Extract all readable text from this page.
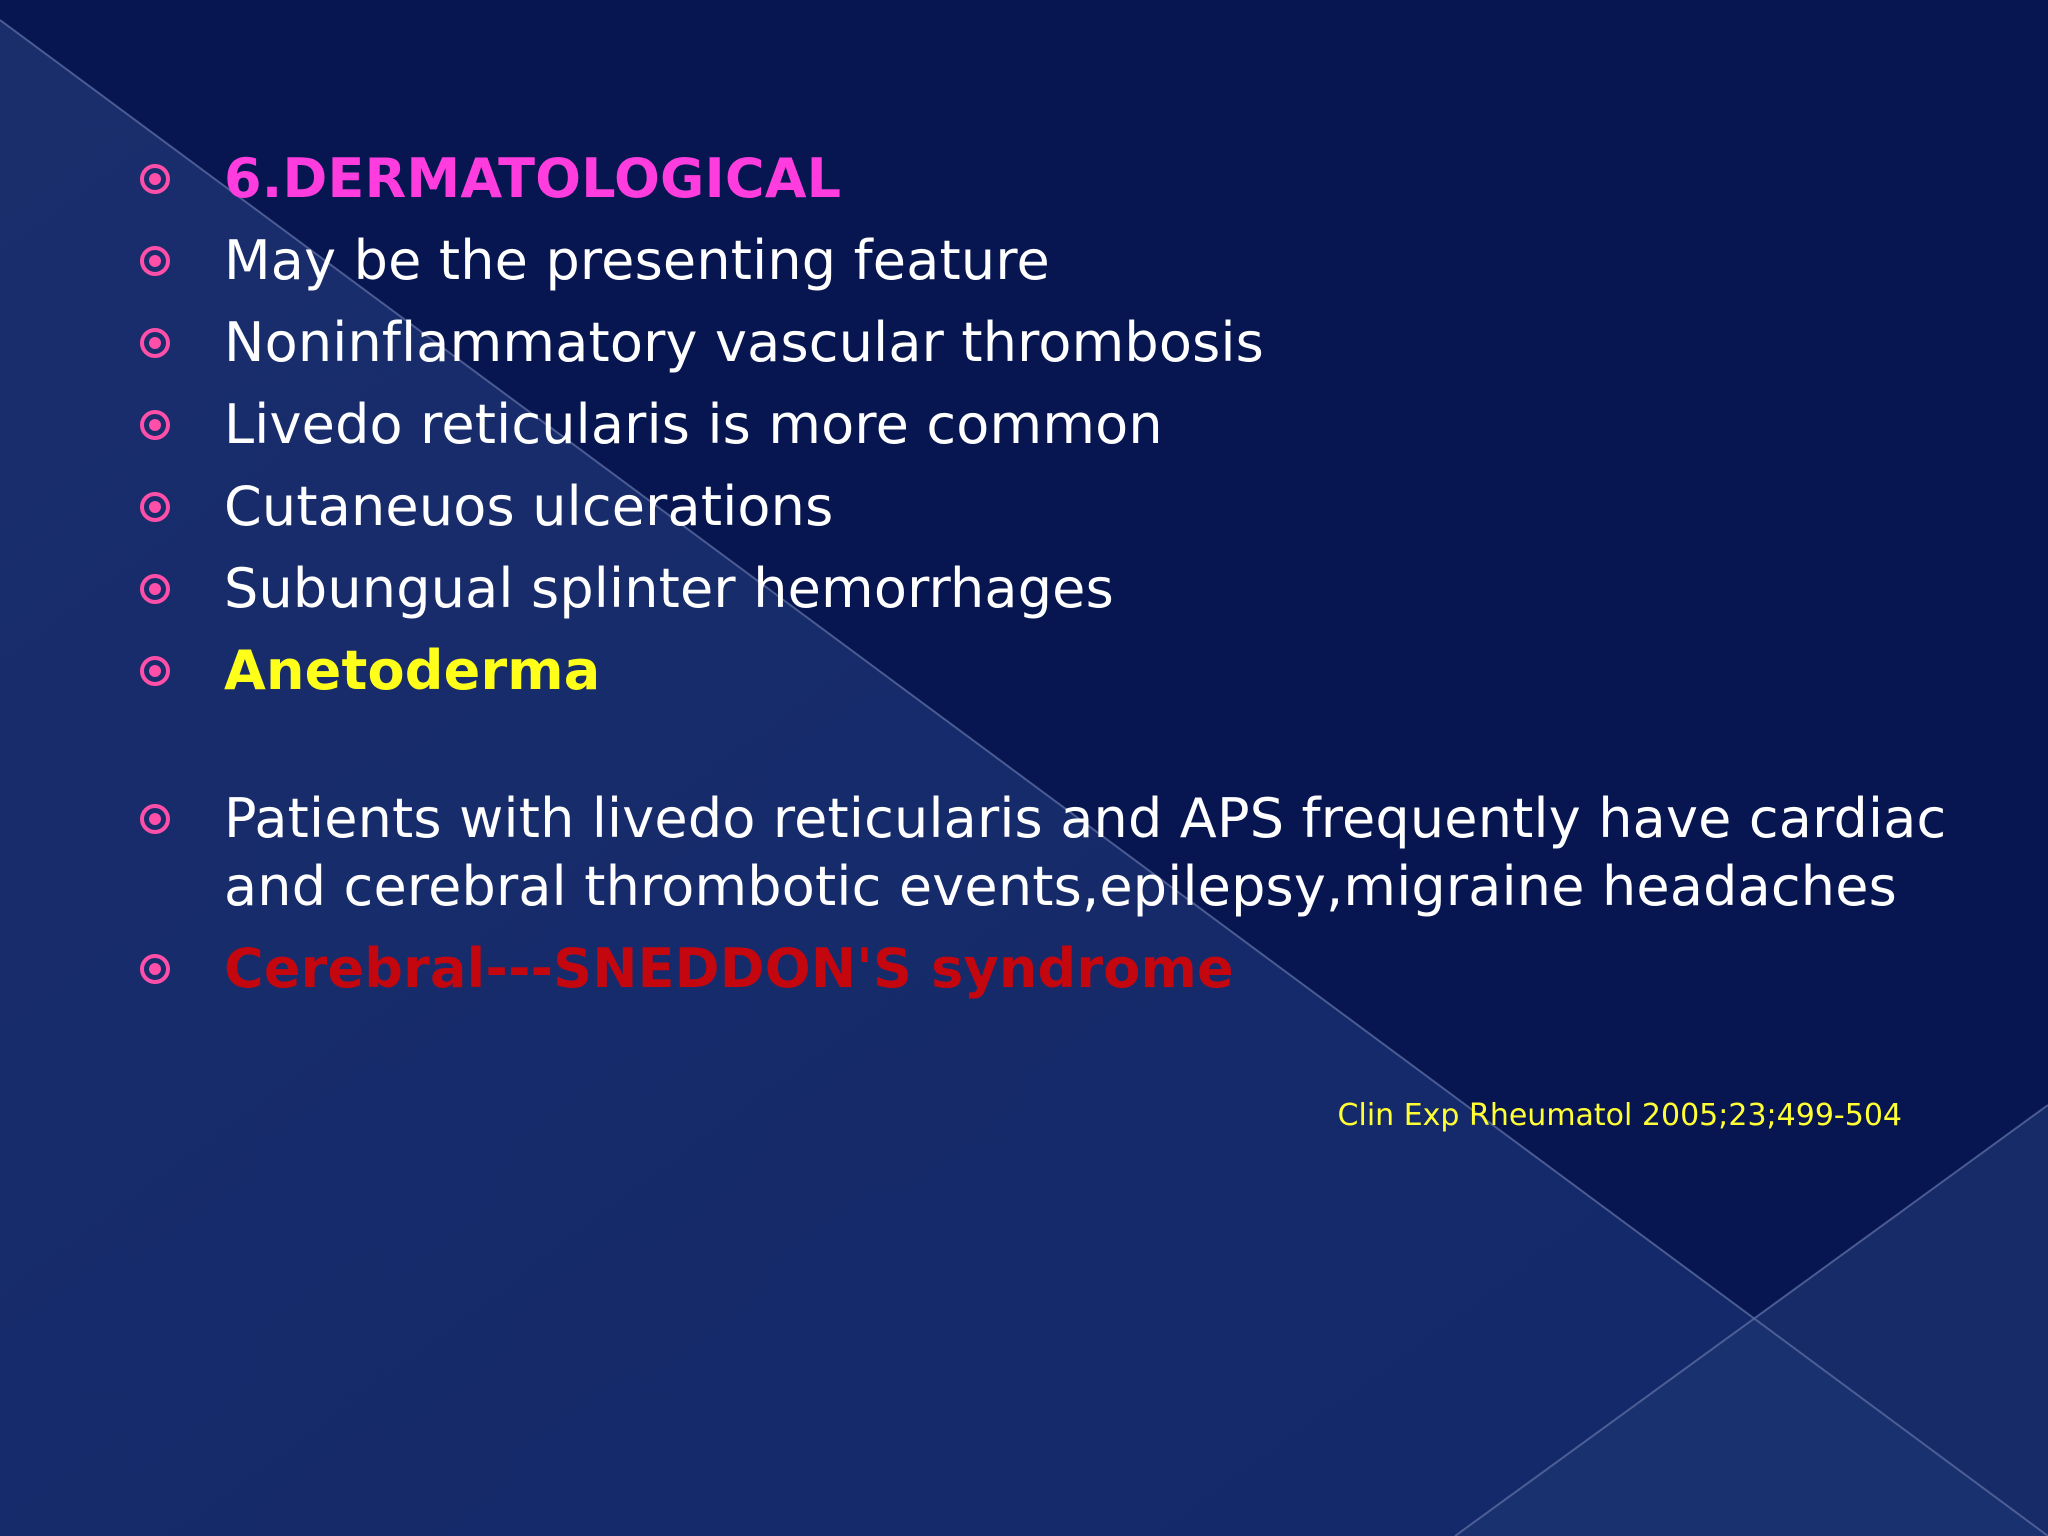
6.DERMATOLOGICAL
May be the presenting feature
Noninflammatory vascular thrombosis
Livedo reticularis is more common
Cutaneuos ulcerations
Subungual splinter hemorrhages
Anetoderma
Patients with livedo reticularis and APS frequently have cardiac and cerebral thrombotic events,epilepsy,migraine headaches
Cerebral---SNEDDON'S syndrome
Clin Exp Rheumatol 2005;23;499-504
